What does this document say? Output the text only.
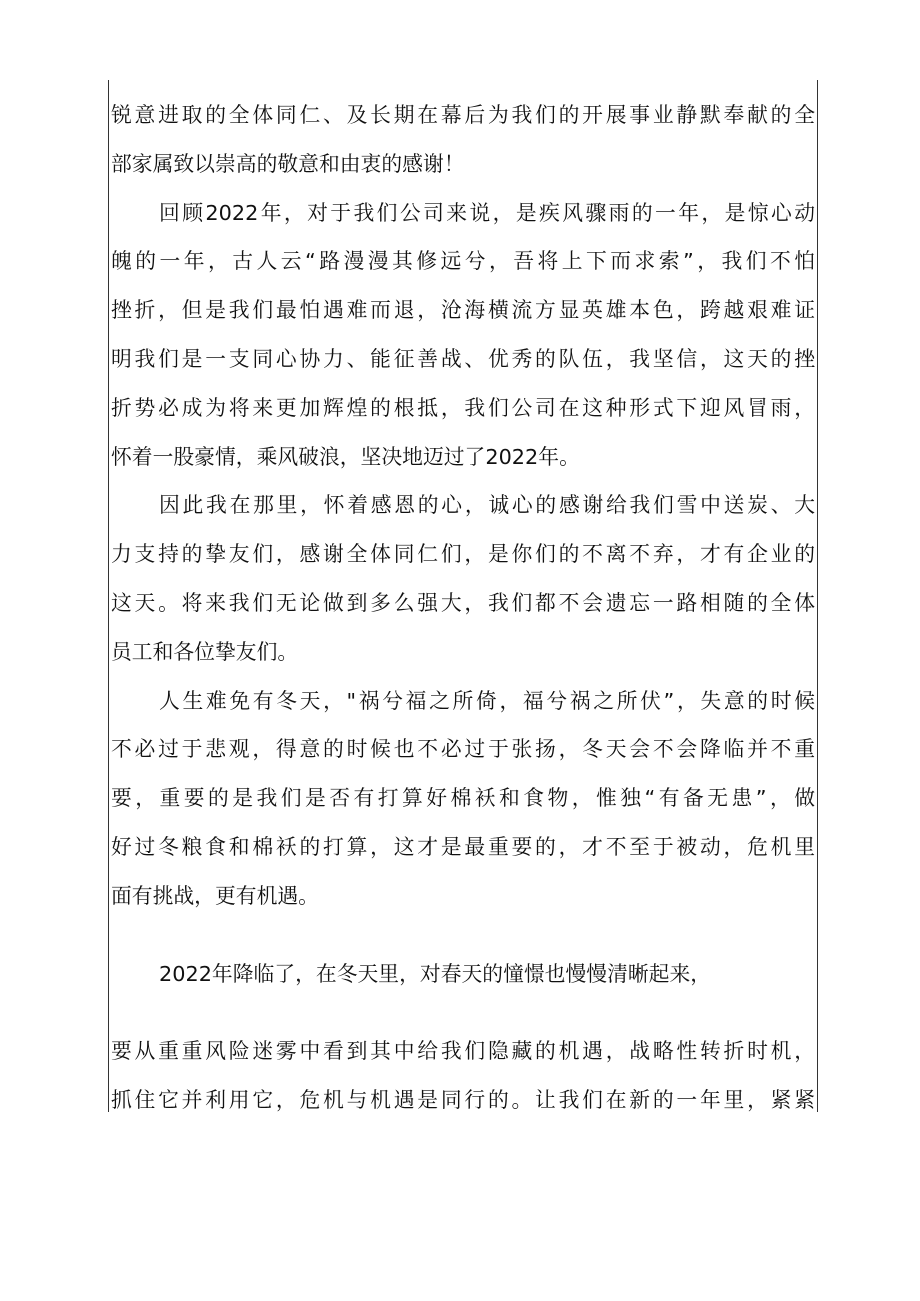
锐意进取的全体同仁、及长期在幕后为我们的开展事业静默奉献的全
部家属致以崇高的敬意和由衷的感谢！
回顾2022年，对于我们公司来说，是疾风骤雨的一年，是惊心动
魄的一年，古人云“路漫漫其修远兮，吾将上下而求索”，我们不怕
挫折，但是我们最怕遇难而退，沧海横流方显英雄本色，跨越艰难证
明我们是一支同心协力、能征善战、优秀的队伍，我坚信，这天的挫
折势必成为将来更加辉煌的根抵，我们公司在这种形式下迎风冒雨，
怀着一股豪情，乘风破浪，坚决地迈过了2022年。
因此我在那里，怀着感恩的心，诚心的感谢给我们雪中送炭、大
力支持的挚友们，感谢全体同仁们，是你们的不离不弃，才有企业的
这天。将来我们无论做到多么强大，我们都不会遗忘一路相随的全体
员工和各位挚友们。
人生难免有冬天，"祸兮福之所倚，福兮祸之所伏”，失意的时候
不必过于悲观，得意的时候也不必过于张扬，冬天会不会降临并不重
要，重要的是我们是否有打算好棉袄和食物，惟独“有备无患”，做
好过冬粮食和棉袄的打算，这才是最重要的，才不至于被动，危机里
面有挑战，更有机遇。
2022年降临了，在冬天里，对春天的憧憬也慢慢清晰起来，
要从重重风险迷雾中看到其中给我们隐藏的机遇，战略性转折时机，
抓住它并利用它，危机与机遇是同行的。让我们在新的一年里，紧紧
